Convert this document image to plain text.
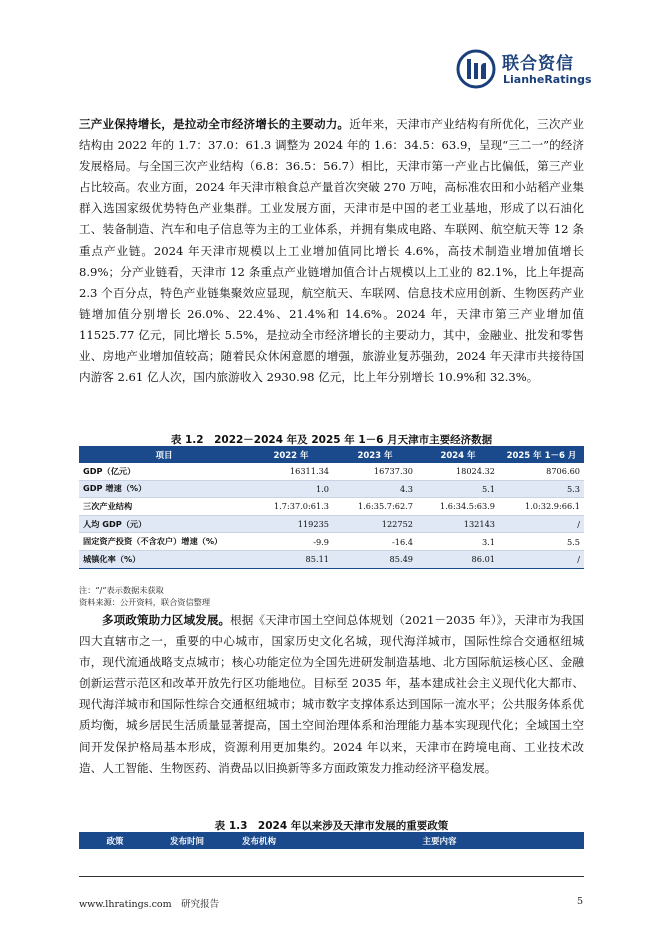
联合资信
LianheRatings

三产业保持增长，是拉动全市经济增长的主要动力。近年来，天津市产业结构有所优化，三次产业结构由 2022 年的 1.7：37.0：61.3 调整为 2024 年的 1.6：34.5：63.9，呈现“三二一”的经济发展格局。与全国三次产业结构（6.8：36.5：56.7）相比，天津市第一产业占比偏低，第三产业占比较高。农业方面，2024 年天津市粮食总产量首次突破 270 万吨，高标准农田和小站稻产业集群入选国家级优势特色产业集群。工业发展方面，天津市是中国的老工业基地，形成了以石油化工、装备制造、汽车和电子信息等为主的工业体系，并拥有集成电路、车联网、航空航天等 12 条重点产业链。2024 年天津市规模以上工业增加值同比增长 4.6%，高技术制造业增加值增长 8.9%；分产业链看，天津市 12 条重点产业链增加值合计占规模以上工业的 82.1%，比上年提高 2.3 个百分点，特色产业链集聚效应显现，航空航天、车联网、信息技术应用创新、生物医药产业链增加值分别增长 26.0%、22.4%、21.4%和 14.6%。2024 年，天津市第三产业增加值 11525.77 亿元，同比增长 5.5%，是拉动全市经济增长的主要动力，其中，金融业、批发和零售业、房地产业增加值较高；随着民众休闲意愿的增强，旅游业复苏强劲，2024 年天津市共接待国内游客 2.61 亿人次，国内旅游收入 2930.98 亿元，比上年分别增长 10.9%和 32.3%。

表 1.2　2022－2024 年及 2025 年 1－6 月天津市主要经济数据
项目	2022 年	2023 年	2024 年	2025 年 1－6 月
GDP（亿元）	16311.34	16737.30	18024.32	8706.60
GDP 增速（%）	1.0	4.3	5.1	5.3
三次产业结构	1.7:37.0:61.3	1.6:35.7:62.7	1.6:34.5:63.9	1.0:32.9:66.1
人均 GDP（元）	119235	122752	132143	/
固定资产投资（不含农户）增速（%）	-9.9	-16.4	3.1	5.5
城镇化率（%）	85.11	85.49	86.01	/
注：“/”表示数据未获取
资料来源：公开资料，联合资信整理

多项政策助力区域发展。根据《天津市国土空间总体规划（2021－2035 年）》，天津市为我国四大直辖市之一，重要的中心城市，国家历史文化名城，现代海洋城市，国际性综合交通枢纽城市，现代流通战略支点城市；核心功能定位为全国先进研发制造基地、北方国际航运核心区、金融创新运营示范区和改革开放先行区功能地位。目标至 2035 年，基本建成社会主义现代化大都市、现代海洋城市和国际性综合交通枢纽城市；城市数字支撑体系达到国际一流水平；公共服务体系优质均衡，城乡居民生活质量显著提高，国土空间治理体系和治理能力基本实现现代化；全域国土空间开发保护格局基本形成，资源利用更加集约。2024 年以来，天津市在跨境电商、工业技术改造、人工智能、生物医药、消费品以旧换新等多方面政策发力推动经济平稳发展。

表 1.3　2024 年以来涉及天津市发展的重要政策
政策	发布时间	发布机构	主要内容
www.lhratings.com　研究报告	5
